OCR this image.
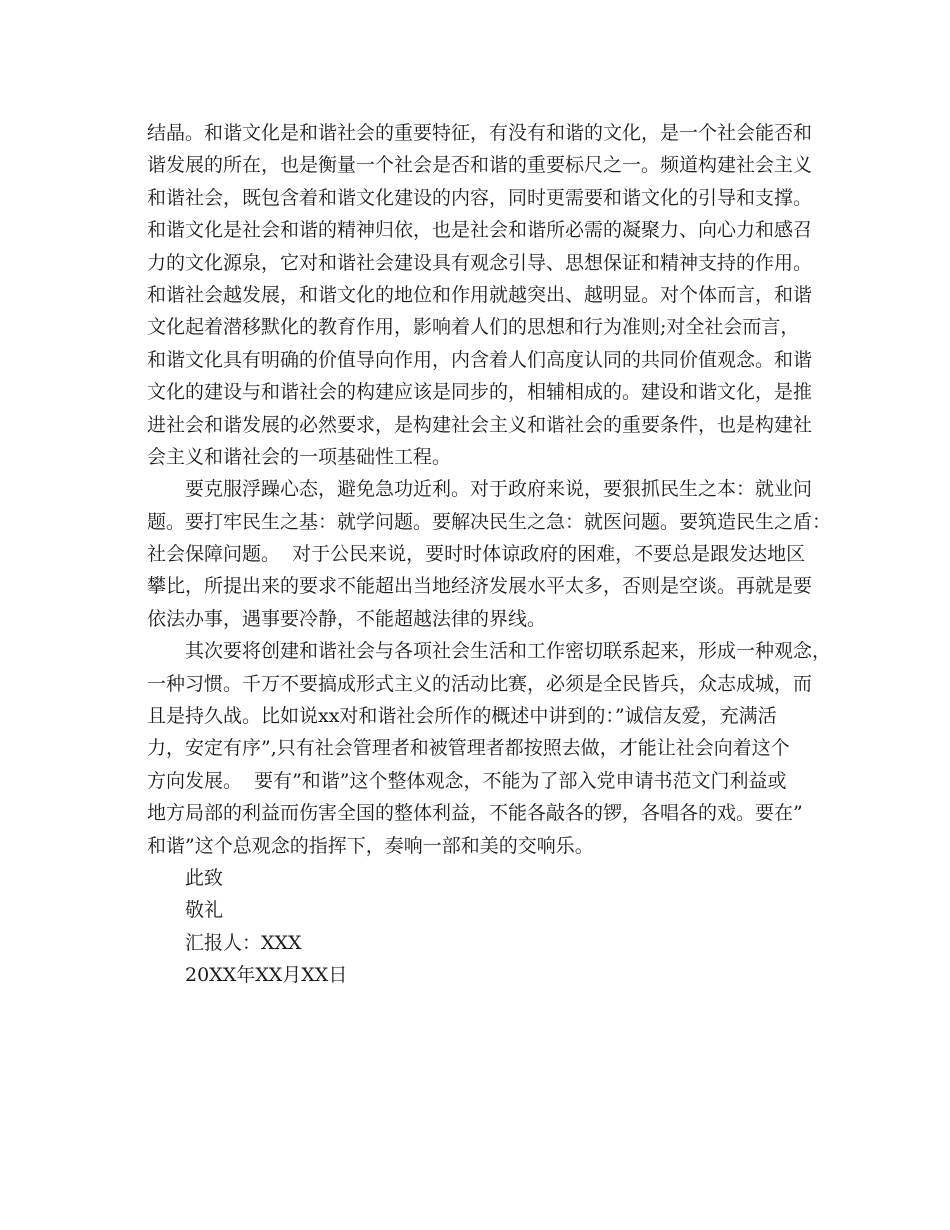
结晶。和谐文化是和谐社会的重要特征，有没有和谐的文化，是一个社会能否和
谐发展的所在，也是衡量一个社会是否和谐的重要标尺之一。频道构建社会主义
和谐社会，既包含着和谐文化建设的内容，同时更需要和谐文化的引导和支撑。
和谐文化是社会和谐的精神归依，也是社会和谐所必需的凝聚力、向心力和感召
力的文化源泉，它对和谐社会建设具有观念引导、思想保证和精神支持的作用。
和谐社会越发展，和谐文化的地位和作用就越突出、越明显。对个体而言，和谐
文化起着潜移默化的教育作用，影响着人们的思想和行为准则;对全社会而言，
和谐文化具有明确的价值导向作用，内含着人们高度认同的共同价值观念。和谐
文化的建设与和谐社会的构建应该是同步的，相辅相成的。建设和谐文化，是推
进社会和谐发展的必然要求，是构建社会主义和谐社会的重要条件，也是构建社
会主义和谐社会的一项基础性工程。
要克服浮躁心态，避免急功近利。对于政府来说，要狠抓民生之本：就业问
题。要打牢民生之基：就学问题。要解决民生之急：就医问题。要筑造民生之盾：
社会保障问题。  对于公民来说，要时时体谅政府的困难，不要总是跟发达地区
攀比，所提出来的要求不能超出当地经济发展水平太多，否则是空谈。再就是要
依法办事，遇事要冷静，不能超越法律的界线。
其次要将创建和谐社会与各项社会生活和工作密切联系起来，形成一种观念，
一种习惯。千万不要搞成形式主义的活动比赛，必须是全民皆兵，众志成城，而
且是持久战。比如说xx对和谐社会所作的概述中讲到的：”诚信友爱，充满活
力，安定有序”,只有社会管理者和被管理者都按照去做，才能让社会向着这个
方向发展。  要有”和谐”这个整体观念，不能为了部入党申请书范文门利益或
地方局部的利益而伤害全国的整体利益，不能各敲各的锣，各唱各的戏。要在”
和谐”这个总观念的指挥下，奏响一部和美的交响乐。
此致
敬礼
汇报人：XXX
20XX年XX月XX日
